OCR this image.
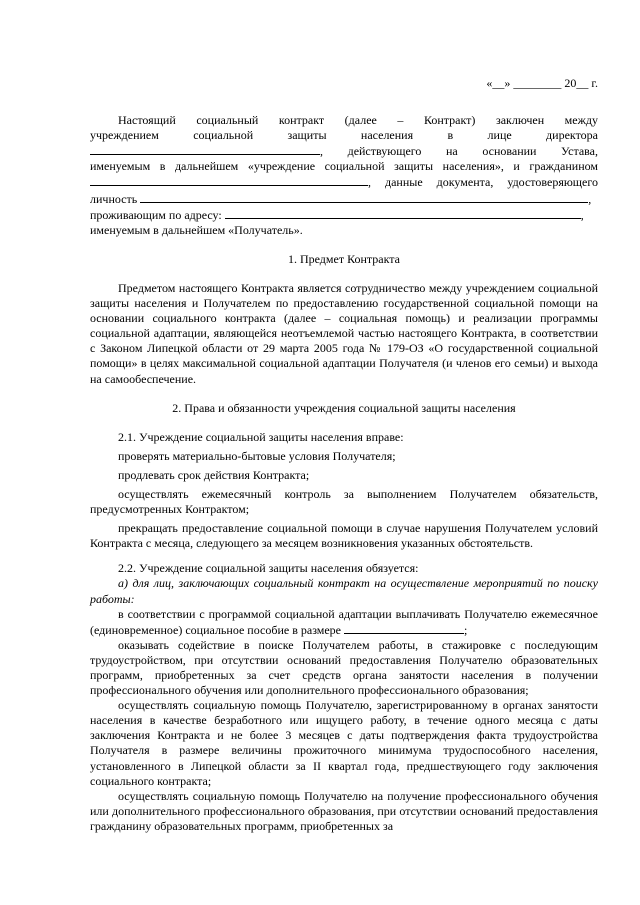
«__» ________ 20__ г.

Настоящий социальный контракт (далее – Контракт) заключен между

учреждением социальной защиты населения в лице директора

, действующего на основании Устава,

именуемым в дальнейшем «учреждение социальной защиты населения», и гражданином

, данные документа, удостоверяющего

личность	,

проживающим по адресу:	,

именуемым в дальнейшем «Получатель».

1. Предмет Контракта

Предметом настоящего Контракта является сотрудничество между учреждением социальной защиты населения и Получателем по предоставлению государственной социальной помощи на основании социального контракта (далее – социальная помощь) и реализации программы социальной адаптации, являющейся неотъемлемой частью настоящего Контракта, в соответствии с Законом Липецкой области от 29 марта 2005 года № 179-ОЗ «О государственной социальной помощи» в целях максимальной социальной адаптации Получателя (и членов его семьи) и выхода на самообеспечение.

2. Права и обязанности учреждения социальной защиты населения

2.1. Учреждение социальной защиты населения вправе:

проверять материально-бытовые условия Получателя;

продлевать срок действия Контракта;

осуществлять ежемесячный контроль за выполнением Получателем обязательств, предусмотренных Контрактом;

прекращать предоставление социальной помощи в случае нарушения Получателем условий Контракта с месяца, следующего за месяцем возникновения указанных обстоятельств.

2.2. Учреждение социальной защиты населения обязуется:

а) для лиц, заключающих социальный контракт на осуществление мероприятий по поиску работы:

в соответствии с программой социальной адаптации выплачивать Получателю ежемесячное (единовременное) социальное пособие в размере	;

оказывать содействие в поиске Получателем работы, в стажировке с последующим трудоустройством, при отсутствии оснований предоставления Получателю образовательных программ, приобретенных за счет средств органа занятости населения в получении профессионального обучения или дополнительного профессионального образования;

осуществлять социальную помощь Получателю, зарегистрированному в органах занятости населения в качестве безработного или ищущего работу, в течение одного месяца с даты заключения Контракта и не более 3 месяцев с даты подтверждения факта трудоустройства Получателя в размере величины прожиточного минимума трудоспособного населения, установленного в Липецкой области за II квартал года, предшествующего году заключения социального контракта;

осуществлять социальную помощь Получателю на получение профессионального обучения или дополнительного профессионального образования, при отсутствии оснований предоставления гражданину образовательных программ, приобретенных за
